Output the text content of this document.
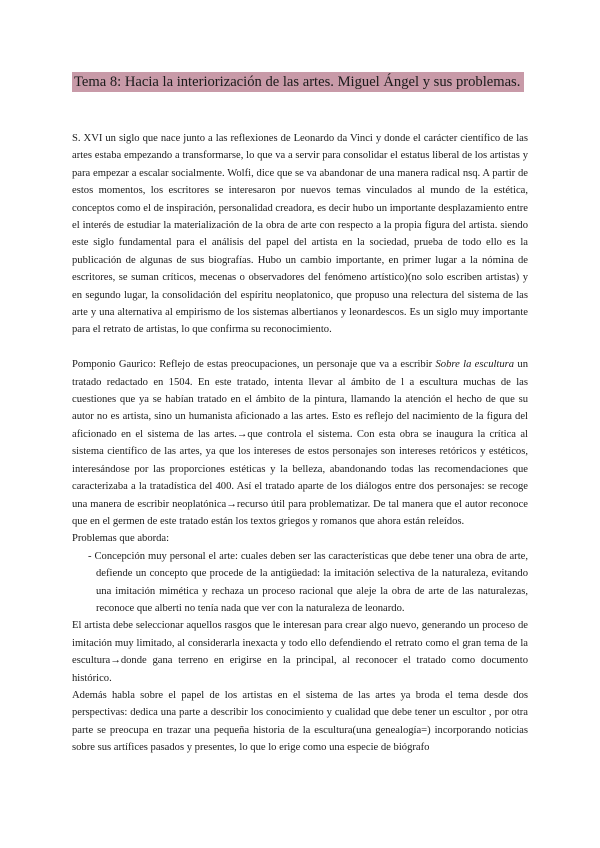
Tema 8: Hacia la interiorización de las artes. Miguel Ángel y sus problemas.

S. XVI un siglo que nace junto a las reflexiones de Leonardo da Vinci y donde el carácter científico de las artes estaba empezando a transformarse, lo que va a servir para consolidar el estatus liberal de los artistas y para empezar a escalar socialmente. Wolfi, dice que se va abandonar de una manera radical nsq. A partir de estos momentos, los escritores se interesaron por nuevos temas vinculados al mundo de la estética, conceptos como el de inspiración, personalidad creadora, es decir hubo un importante desplazamiento entre el interés de estudiar la materialización de la obra de arte con respecto a la propia figura del artista. siendo este siglo fundamental para el análisis del papel del artista en la sociedad, prueba de todo ello es la publicación de algunas de sus biografías. Hubo un cambio importante, en primer lugar a la nómina de escritores, se suman críticos, mecenas o observadores del fenómeno artístico)(no solo escriben artistas) y en segundo lugar, la consolidación del espíritu neoplatonico, que propuso una relectura del sistema de las arte y una alternativa al empirismo de los sistemas albertianos y leonardescos. Es un siglo muy importante para el retrato de artistas, lo que confirma su reconocimiento.

Pomponio Gaurico: Reflejo de estas preocupaciones, un personaje que va a escribir Sobre la escultura un tratado redactado en 1504. En este tratado, intenta llevar al ámbito de l a escultura muchas de las cuestiones que ya se habían tratado en el ámbito de la pintura, llamando la atención el hecho de que su autor no es artista, sino un humanista aficionado a las artes. Esto es reflejo del nacimiento de la figura del aficionado en el sistema de las artes.→que controla el sistema. Con esta obra se inaugura la crítica al sistema científico de las artes, ya que los intereses de estos personajes son intereses retóricos y estéticos, interesándose por las proporciones estéticas y la belleza, abandonando todas las recomendaciones que caracterizaba a la tratadística del 400. Así el tratado aparte de los diálogos entre dos personajes: se recoge una manera de escribir neoplatónica→recurso útil para problematizar. De tal manera que el autor reconoce que en el germen de este tratado están los textos griegos y romanos que ahora están releídos.

Problemas que aborda:

- Concepción muy personal el arte: cuales deben ser las características que debe tener una obra de arte, defiende un concepto que procede de la antigüedad: la imitación selectiva de la naturaleza, evitando una imitación mimética y rechaza un proceso racional que aleje la obra de arte de las naturalezas, reconoce que alberti no tenía nada que ver con la naturaleza de leonardo.

El artista debe seleccionar aquellos rasgos que le interesan para crear algo nuevo, generando un proceso de imitación muy limitado, al considerarla inexacta y todo ello defendiendo el retrato como el gran tema de la escultura→donde gana terreno en erigirse en la principal, al reconocer el tratado como documento histórico.

Además habla sobre el papel de los artistas en el sistema de las artes ya broda el tema desde dos perspectivas: dedica una parte a describir los conocimiento y cualidad que debe tener un escultor , por otra parte se preocupa en trazar una pequeña historia de la escultura(una genealogía=) incorporando noticias sobre sus artífices pasados y presentes, lo que lo erige como una especie de biógrafo
